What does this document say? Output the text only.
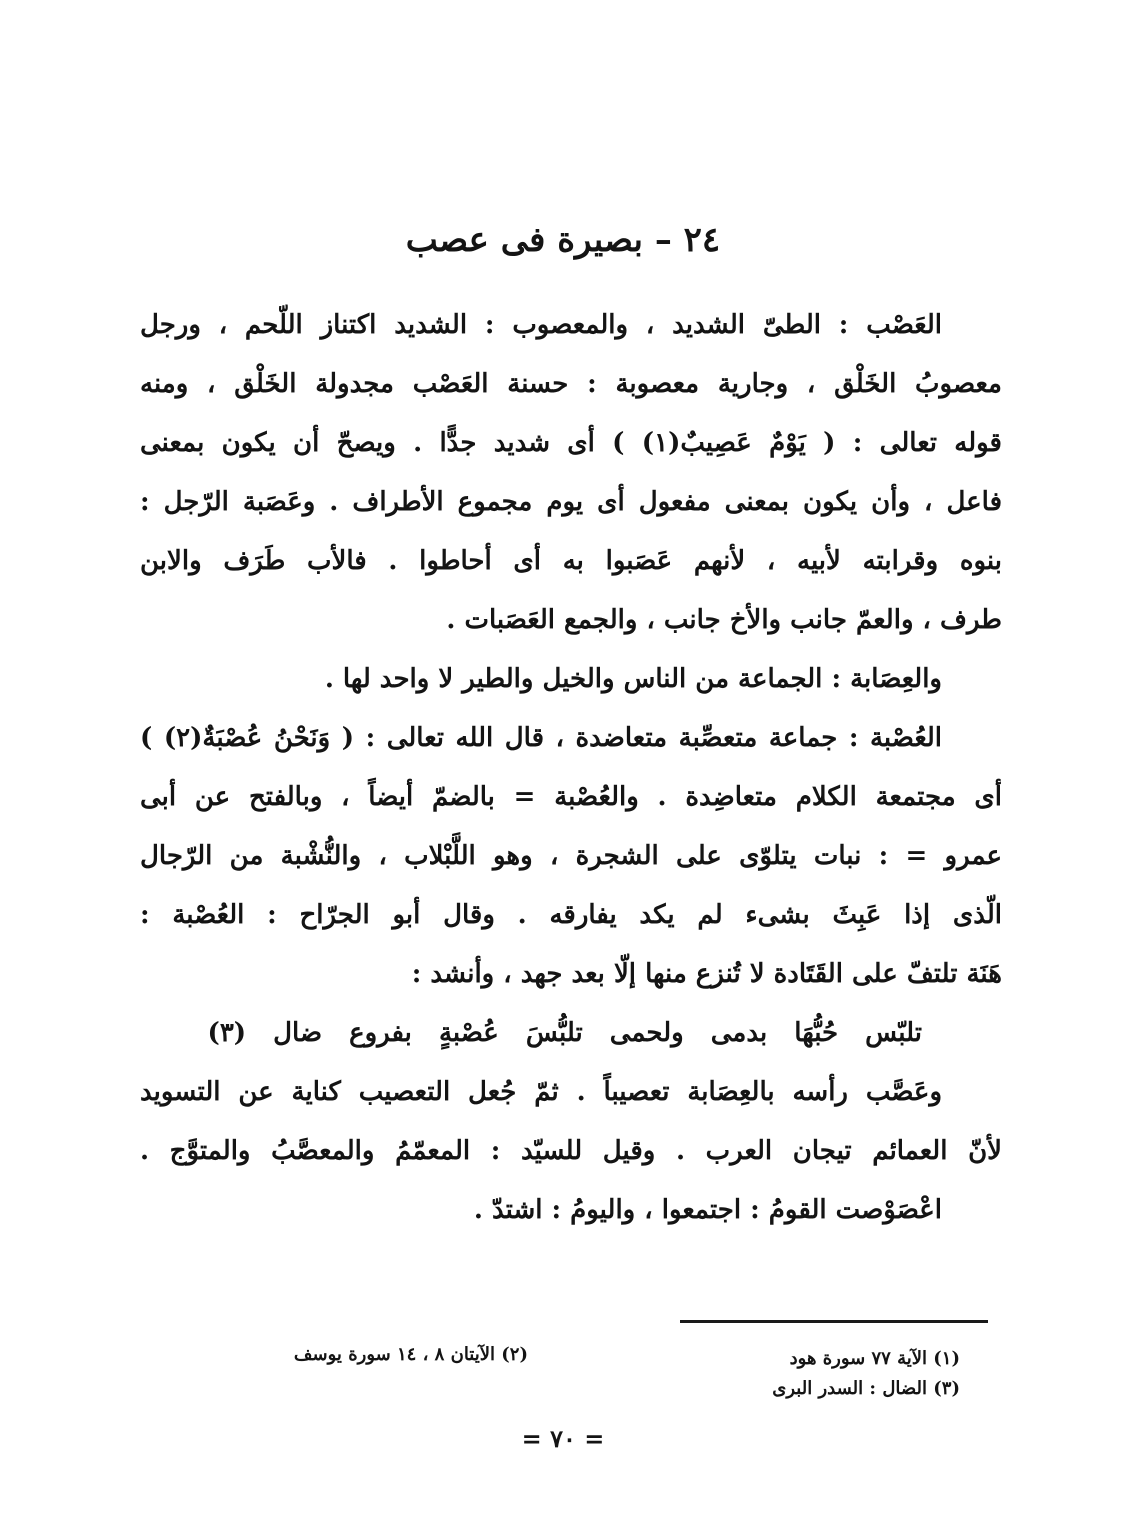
٢٤ – بصيرة فى عصب
العَصْب : الطىّ الشديد ، والمعصوب : الشديد اكتناز اللّحم ، ورجل
معصوبُ الخَلْق ، وجارية معصوبة : حسنة العَصْب مجدولة الخَلْق ، ومنه
قوله تعالى : ( يَوْمٌ عَصِيبٌ(١) ) أى شديد جدًّا . ويصحّ أن يكون بمعنى
فاعل ، وأن يكون بمعنى مفعول أى يوم مجموع الأطراف . وعَصَبة الرّجل :
بنوه وقرابته لأبيه ، لأنهم عَصَبوا به أى أحاطوا . فالأب طَرَف والابن
طرف ، والعمّ جانب والأخ جانب ، والجمع العَصَبات .
والعِصَابة : الجماعة من الناس والخيل والطير لا واحد لها .
العُصْبة : جماعة متعصِّبة متعاضدة ، قال الله تعالى : ( وَنَحْنُ عُصْبَةٌ(٢) )
أى مجتمعة الكلام متعاضِدة . والعُصْبة = بالضمّ أيضاً ، وبالفتح عن أبى
عمرو = : نبات يتلوّى على الشجرة ، وهو اللَّبْلاب ، والنُّشْبة من الرّجال
الّذى إذا عَبِثَ بشىء لم يكد يفارقه . وقال أبو الجرّاح : العُصْبة :
هَنَة تلتفّ على القَتَادة لا تُنزع منها إلّا بعد جهد ، وأنشد :
تلبّس حُبُّهَا بدمى ولحمى تلبُّسَ عُصْبةٍ بفروع ضال (٣)
وعَصَّب رأسه بالعِصَابة تعصيباً . ثمّ جُعل التعصيب كناية عن التسويد
لأنّ العمائم تيجان العرب . وقيل للسيّد : المعمّمُ والمعصَّبُ والمتوَّج .
اعْصَوْصت القومُ : اجتمعوا ، واليومُ : اشتدّ .
(١) الآية ٧٧ سورة هود
(٢) الآيتان ٨ ، ١٤ سورة يوسف
(٣) الضال : السدر البرى
= ٧٠ =
